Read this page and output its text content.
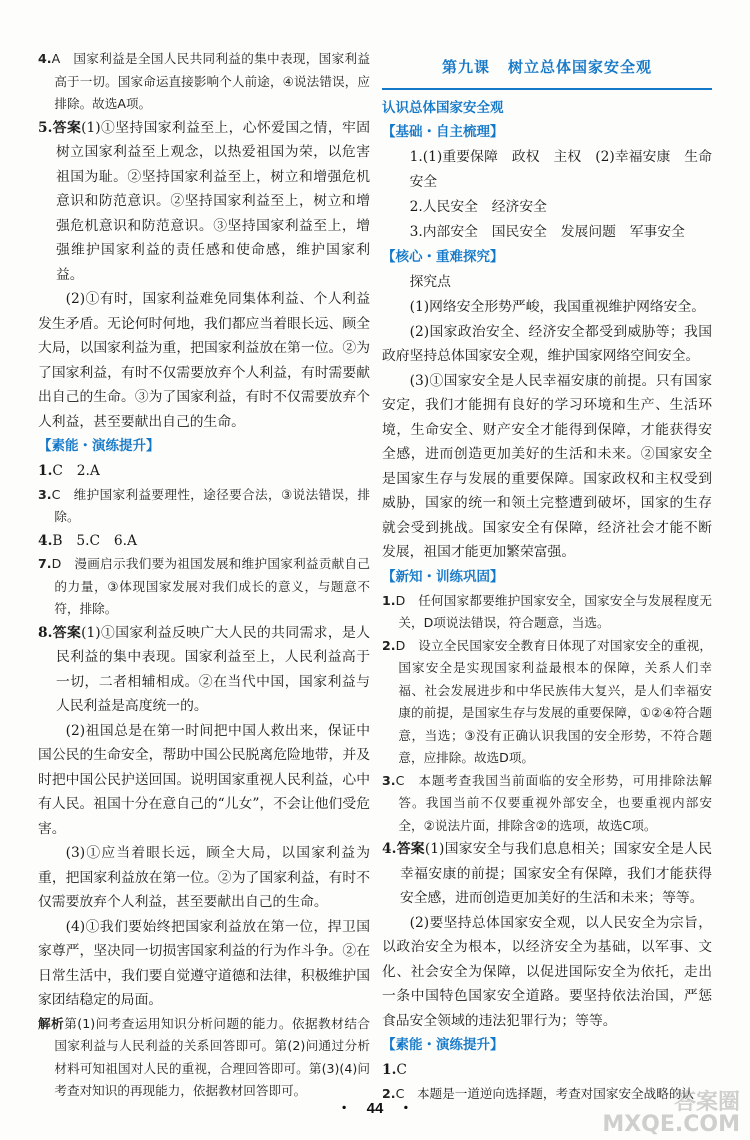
4.A　国家利益是全国人民共同利益的集中表现，国家利益高于一切。国家命运直接影响个人前途，④说法错误，应排除。故选A项。

5.答案(1)①坚持国家利益至上，心怀爱国之情，牢固树立国家利益至上观念，以热爱祖国为荣，以危害祖国为耻。②坚持国家利益至上，树立和增强危机意识和防范意识。②坚持国家利益至上，树立和增强危机意识和防范意识。③坚持国家利益至上，增强维护国家利益的责任感和使命感，维护国家利益。

(2)①有时，国家利益难免同集体利益、个人利益发生矛盾。无论何时何地，我们都应当着眼长远、顾全大局，以国家利益为重，把国家利益放在第一位。②为了国家利益，有时不仅需要放弃个人利益，有时需要献出自己的生命。③为了国家利益，有时不仅需要放弃个人利益，甚至要献出自己的生命。

【素能・演练提升】

1.C　2.A

3.C　维护国家利益要理性，途径要合法，③说法错误，排除。

4.B　5.C　6.A

7.D　漫画启示我们要为祖国发展和维护国家利益贡献自己的力量，③体现国家发展对我们成长的意义，与题意不符，排除。

8.答案(1)①国家利益反映广大人民的共同需求，是人民利益的集中表现。国家利益至上，人民利益高于一切，二者相辅相成。②在当代中国，国家利益与人民利益是高度统一的。

(2)祖国总是在第一时间把中国人救出来，保证中国公民的生命安全，帮助中国公民脱离危险地带，并及时把中国公民护送回国。说明国家重视人民利益，心中有人民。祖国十分在意自己的“儿女”，不会让他们受危害。

(3)①应当着眼长远，顾全大局，以国家利益为重，把国家利益放在第一位。②为了国家利益，有时不仅需要放弃个人利益，甚至要献出自己的生命。

(4)①我们要始终把国家利益放在第一位，捍卫国家尊严，坚决同一切损害国家利益的行为作斗争。②在日常生活中，我们要自觉遵守道德和法律，积极维护国家团结稳定的局面。

解析第(1)问考查运用知识分析问题的能力。依据教材结合国家利益与人民利益的关系回答即可。第(2)问通过分析材料可知祖国对人民的重视，合理回答即可。第(3)(4)问考查对知识的再现能力，依据教材回答即可。

第九课 树立总体国家安全观

认识总体国家安全观

【基础・自主梳理】

1.(1)重要保障　政权　主权　(2)幸福安康　生命安全

2.人民安全　经济安全

3.内部安全　国民安全　发展问题　军事安全

【核心・重难探究】

探究点

(1)网络安全形势严峻，我国重视维护网络安全。

(2)国家政治安全、经济安全都受到威胁等；我国政府坚持总体国家安全观，维护国家网络空间安全。

(3)①国家安全是人民幸福安康的前提。只有国家安定，我们才能拥有良好的学习环境和生产、生活环境，生命安全、财产安全才能得到保障，才能获得安全感，进而创造更加美好的生活和未来。②国家安全是国家生存与发展的重要保障。国家政权和主权受到威胁，国家的统一和领土完整遭到破坏，国家的生存就会受到挑战。国家安全有保障，经济社会才能不断发展，祖国才能更加繁荣富强。

【新知・训练巩固】

1.D　任何国家都要维护国家安全，国家安全与发展程度无关，D项说法错误，符合题意，当选。

2.D　设立全民国家安全教育日体现了对国家安全的重视，国家安全是实现国家利益最根本的保障，关系人们幸福、社会发展进步和中华民族伟大复兴，是人们幸福安康的前提，是国家生存与发展的重要保障，①②④符合题意，当选；③没有正确认识我国的安全形势，不符合题意，应排除。故选D项。

3.C　本题考查我国当前面临的安全形势，可用排除法解答。我国当前不仅要重视外部安全，也要重视内部安全，②说法片面，排除含②的选项，故选C项。

4.答案(1)国家安全与我们息息相关；国家安全是人民幸福安康的前提；国家安全有保障，我们才能获得安全感，进而创造更加美好的生活和未来；等等。

(2)要坚持总体国家安全观，以人民安全为宗旨，以政治安全为根本，以经济安全为基础，以军事、文化、社会安全为保障，以促进国际安全为依托，走出一条中国特色国家安全道路。要坚持依法治国，严惩食品安全领域的违法犯罪行为；等等。

【素能・演练提升】

1.C

2.C　本题是一道逆向选择题，考查对国家安全战略的认

・　44　・	答案圈 MXQE.COM
